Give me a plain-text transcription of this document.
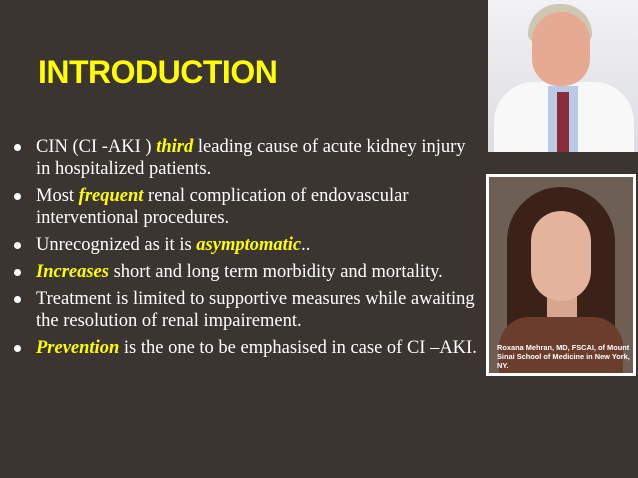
INTRODUCTION
CIN (CI -AKI ) third leading cause of acute kidney injury in hospitalized patients.
Most frequent renal complication of endovascular interventional procedures.
Unrecognized as it is asymptomatic..
Increases short and long term morbidity and mortality.
Treatment is limited to supportive measures while awaiting the resolution of renal impairement.
Prevention is the one to be emphasised in case of CI –AKI.	Roxana Mehran, MD, FSCAI, of Mount Sinai School of Medicine in New York, NY.
